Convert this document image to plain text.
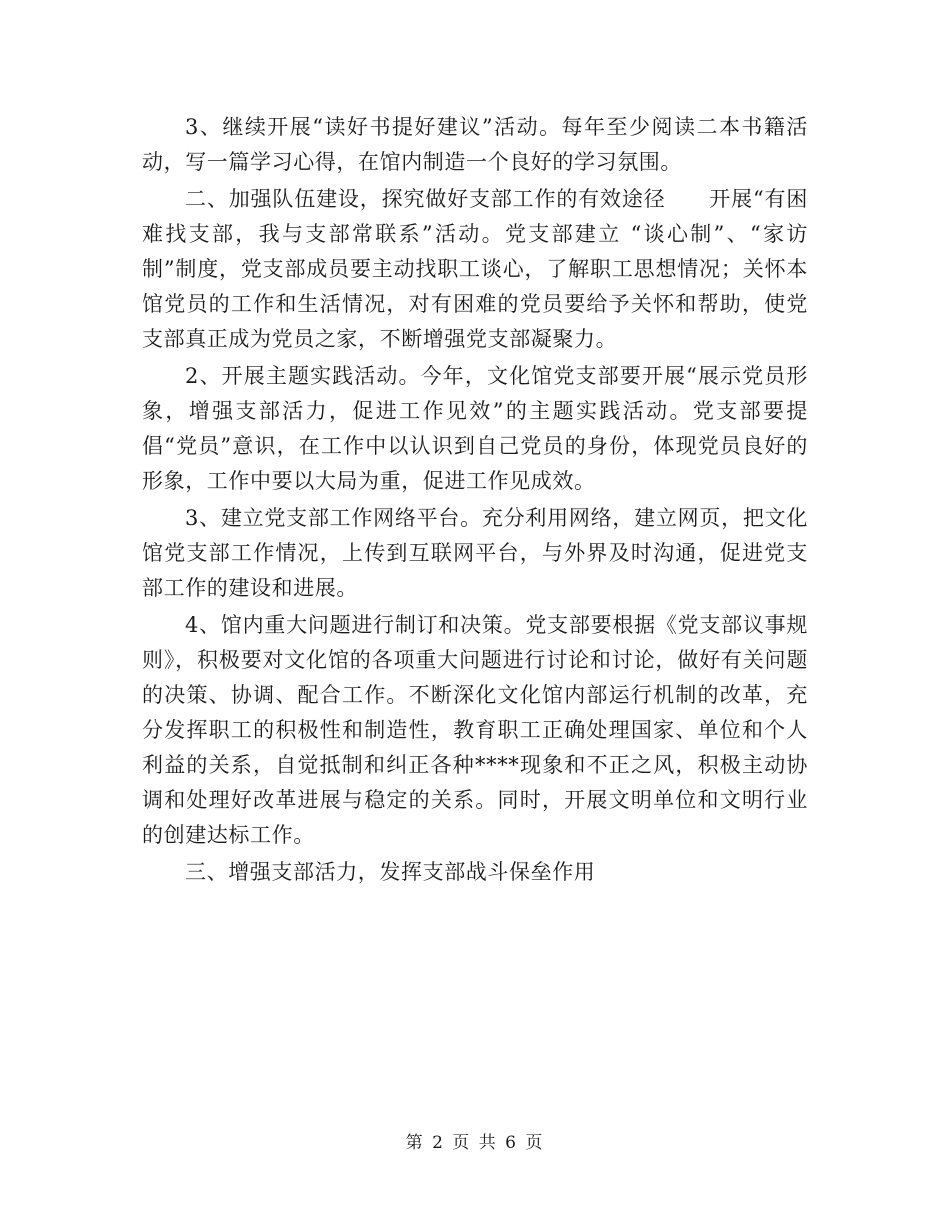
3、继续开展“读好书提好建议”活动。每年至少阅读二本书籍活动，写一篇学习心得，在馆内制造一个良好的学习氛围。

二、加强队伍建设，探究做好支部工作的有效途径　　开展“有困难找支部，我与支部常联系”活动。党支部建立 “谈心制”、“家访制”制度，党支部成员要主动找职工谈心，了解职工思想情况；关怀本馆党员的工作和生活情况，对有困难的党员要给予关怀和帮助，使党支部真正成为党员之家，不断增强党支部凝聚力。

2、开展主题实践活动。今年，文化馆党支部要开展“展示党员形象，增强支部活力，促进工作见效”的主题实践活动。党支部要提倡“党员”意识，在工作中以认识到自己党员的身份，体现党员良好的形象，工作中要以大局为重，促进工作见成效。

3、建立党支部工作网络平台。充分利用网络，建立网页，把文化馆党支部工作情况，上传到互联网平台，与外界及时沟通，促进党支部工作的建设和进展。

4、馆内重大问题进行制订和决策。党支部要根据《党支部议事规则》，积极要对文化馆的各项重大问题进行讨论和讨论，做好有关问题的决策、协调、配合工作。不断深化文化馆内部运行机制的改革，充分发挥职工的积极性和制造性，教育职工正确处理国家、单位和个人利益的关系，自觉抵制和纠正各种****现象和不正之风，积极主动协调和处理好改革进展与稳定的关系。同时，开展文明单位和文明行业的创建达标工作。

三、增强支部活力，发挥支部战斗保垒作用

第 2 页 共 6 页
